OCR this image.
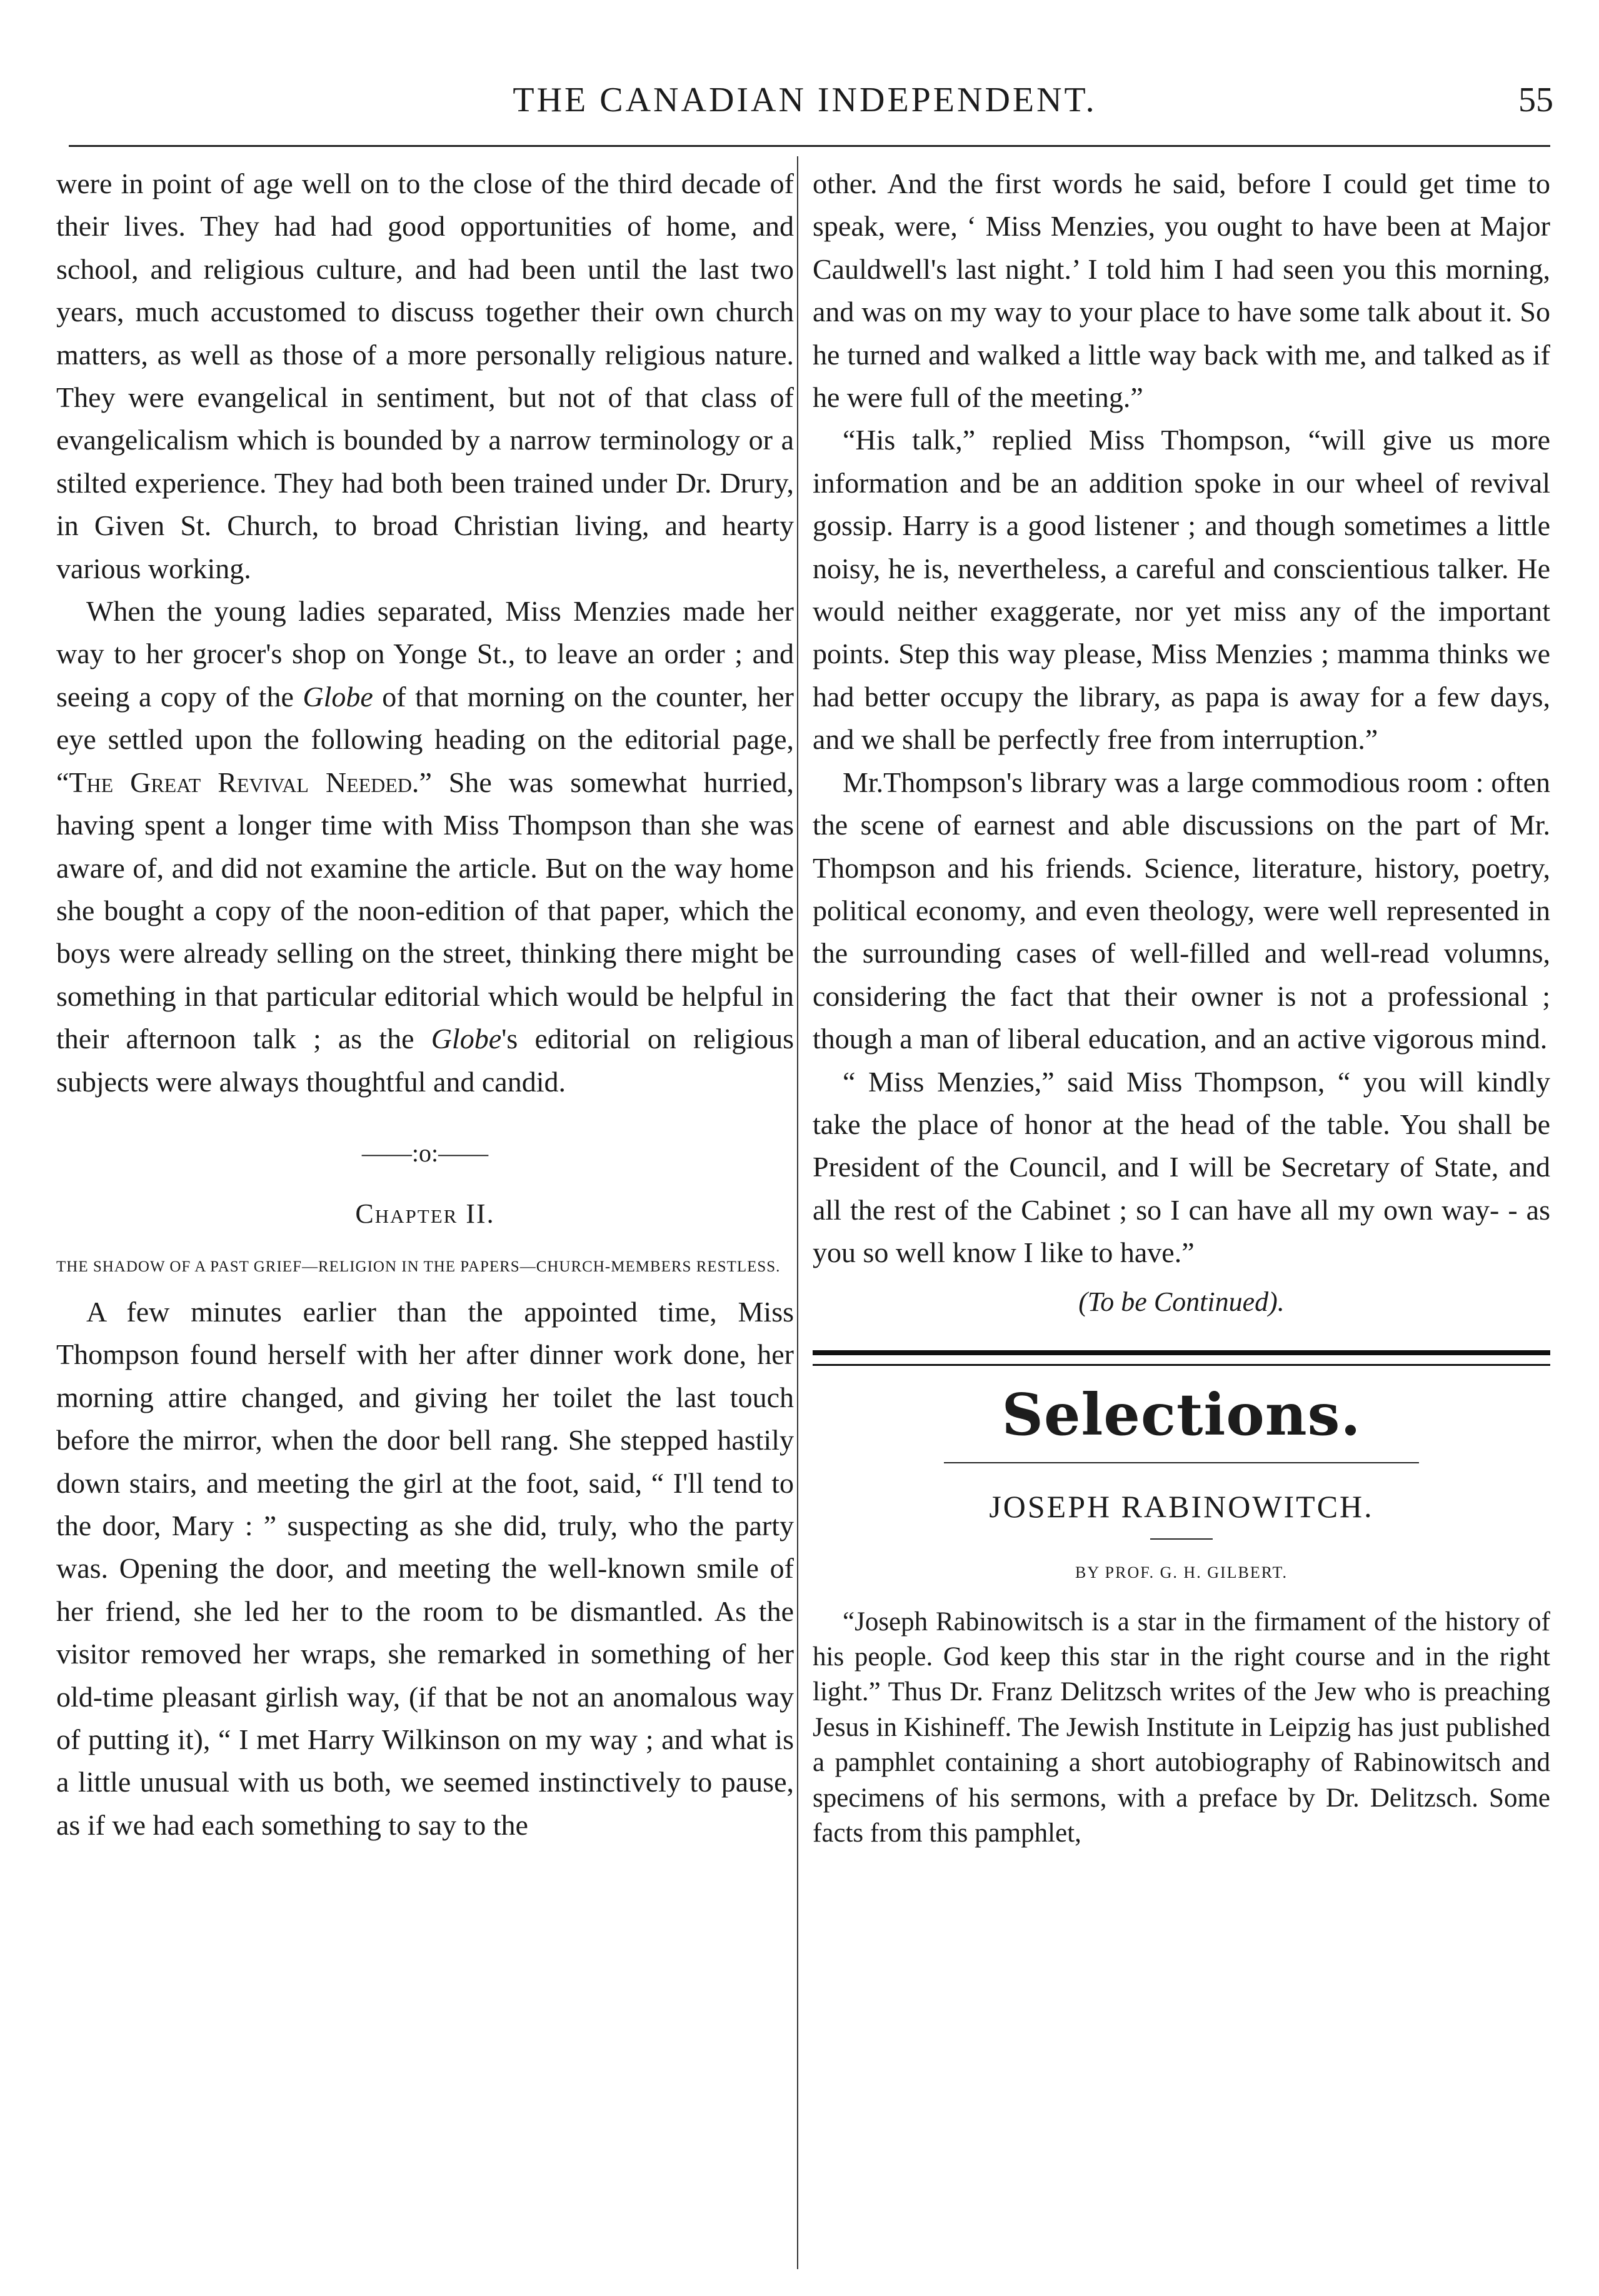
THE CANADIAN INDEPENDENT.	55

were in point of age well on to the close of the third decade of their lives. They had had good opportunities of home, and school, and religious culture, and had been until the last two years, much accustomed to discuss together their own church matters, as well as those of a more personally religious nature. They were evangelical in sentiment, but not of that class of evangelicalism which is bounded by a narrow terminology or a stilted experience. They had both been trained under Dr. Drury, in Given St. Church, to broad Christian living, and hearty various working.

When the young ladies separated, Miss Menzies made her way to her grocer's shop on Yonge St., to leave an order ; and seeing a copy of the Globe of that morning on the counter, her eye settled upon the following heading on the editorial page, “The Great Revival Needed.” She was somewhat hurried, having spent a longer time with Miss Thompson than she was aware of, and did not examine the article. But on the way home she bought a copy of the noon-edition of that paper, which the boys were already selling on the street, thinking there might be something in that particular editorial which would be helpful in their afternoon talk ; as the Globe's editorial on religious subjects were always thoughtful and candid.

——:o:——
Chapter II.
THE SHADOW OF A PAST GRIEF—RELIGION IN THE PAPERS—CHURCH-MEMBERS RESTLESS.

A few minutes earlier than the appointed time, Miss Thompson found herself with her after dinner work done, her morning attire changed, and giving her toilet the last touch before the mirror, when the door bell rang. She stepped hastily down stairs, and meeting the girl at the foot, said, “ I'll tend to the door, Mary : ” suspecting as she did, truly, who the party was. Opening the door, and meeting the well-known smile of her friend, she led her to the room to be dismantled. As the visitor removed her wraps, she remarked in something of her old-time pleasant girlish way, (if that be not an anomalous way of putting it), “ I met Harry Wilkinson on my way ; and what is a little unusual with us both, we seemed instinctively to pause, as if we had each something to say to the

other. And the first words he said, before I could get time to speak, were, ‘ Miss Menzies, you ought to have been at Major Cauldwell's last night.’ I told him I had seen you this morning, and was on my way to your place to have some talk about it. So he turned and walked a little way back with me, and talked as if he were full of the meeting.”

“His talk,” replied Miss Thompson, “will give us more information and be an addition spoke in our wheel of revival gossip. Harry is a good listener ; and though sometimes a little noisy, he is, nevertheless, a careful and conscientious talker. He would neither exaggerate, nor yet miss any of the important points. Step this way please, Miss Menzies ; mamma thinks we had better occupy the library, as papa is away for a few days, and we shall be perfectly free from interruption.”

Mr.Thompson's library was a large commodious room : often the scene of earnest and able discussions on the part of Mr. Thompson and his friends. Science, literature, history, poetry, political economy, and even theology, were well represented in the surrounding cases of well-filled and well-read volumns, considering the fact that their owner is not a professional ; though a man of liberal education, and an active vigorous mind.

“ Miss Menzies,” said Miss Thompson, “ you will kindly take the place of honor at the head of the table. You shall be President of the Council, and I will be Secretary of State, and all the rest of the Cabinet ; so I can have all my own way- - as you so well know I like to have.”

(To be Continued).
Selections.
JOSEPH RABINOWITCH.
BY PROF. G. H. GILBERT.

“Joseph Rabinowitsch is a star in the firmament of the history of his people. God keep this star in the right course and in the right light.” Thus Dr. Franz Delitzsch writes of the Jew who is preaching Jesus in Kishineff. The Jewish Institute in Leipzig has just published a pamphlet containing a short autobiography of Rabinowitsch and specimens of his sermons, with a preface by Dr. Delitzsch. Some facts from this pamphlet,
